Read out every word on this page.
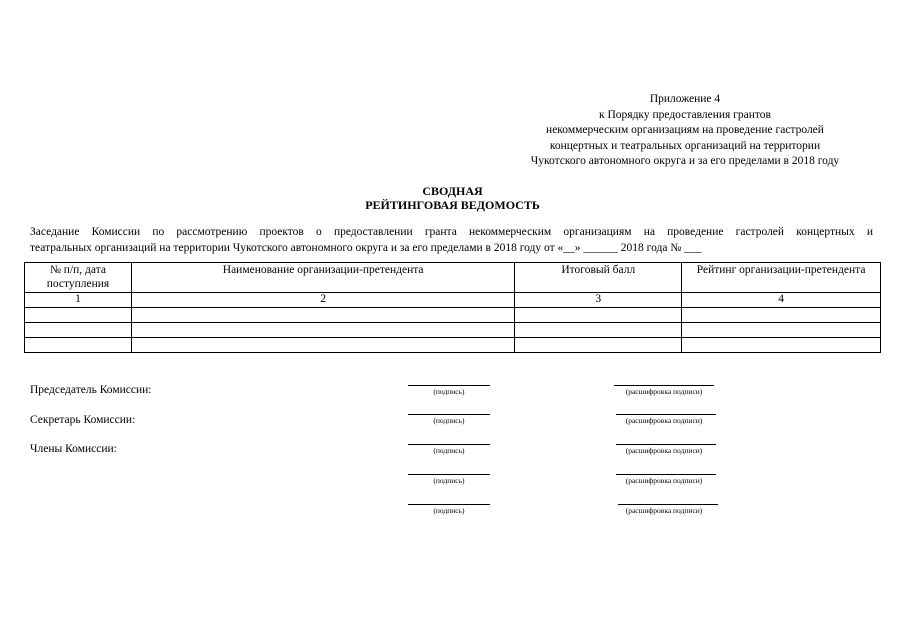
Приложение 4
к Порядку предоставления грантов
некоммерческим организациям на проведение гастролей
концертных и театральных организаций на территории
Чукотского автономного округа и за его пределами в 2018 году
СВОДНАЯ
РЕЙТИНГОВАЯ ВЕДОМОСТЬ
Заседание Комиссии по рассмотрению проектов о предоставлении гранта некоммерческим организациям на проведение гастролей концертных и
театральных организаций на территории Чукотского автономного округа и за его пределами в 2018 году от «__» ______ 2018 года № ___
№ п/п, дата поступления	Наименование организации-претендента	Итоговый балл	Рейтинг организации-претендента
1	2	3	4

Председатель Комиссии:
Секретарь Комиссии:
Члены Комиссии:
(подпись)	(расшифровка подписи)
(подпись)	(расшифровка подписи)
(подпись)	(расшифровка подписи)
(подпись)	(расшифровка подписи)
(подпись)	(расшифровка подписи)
